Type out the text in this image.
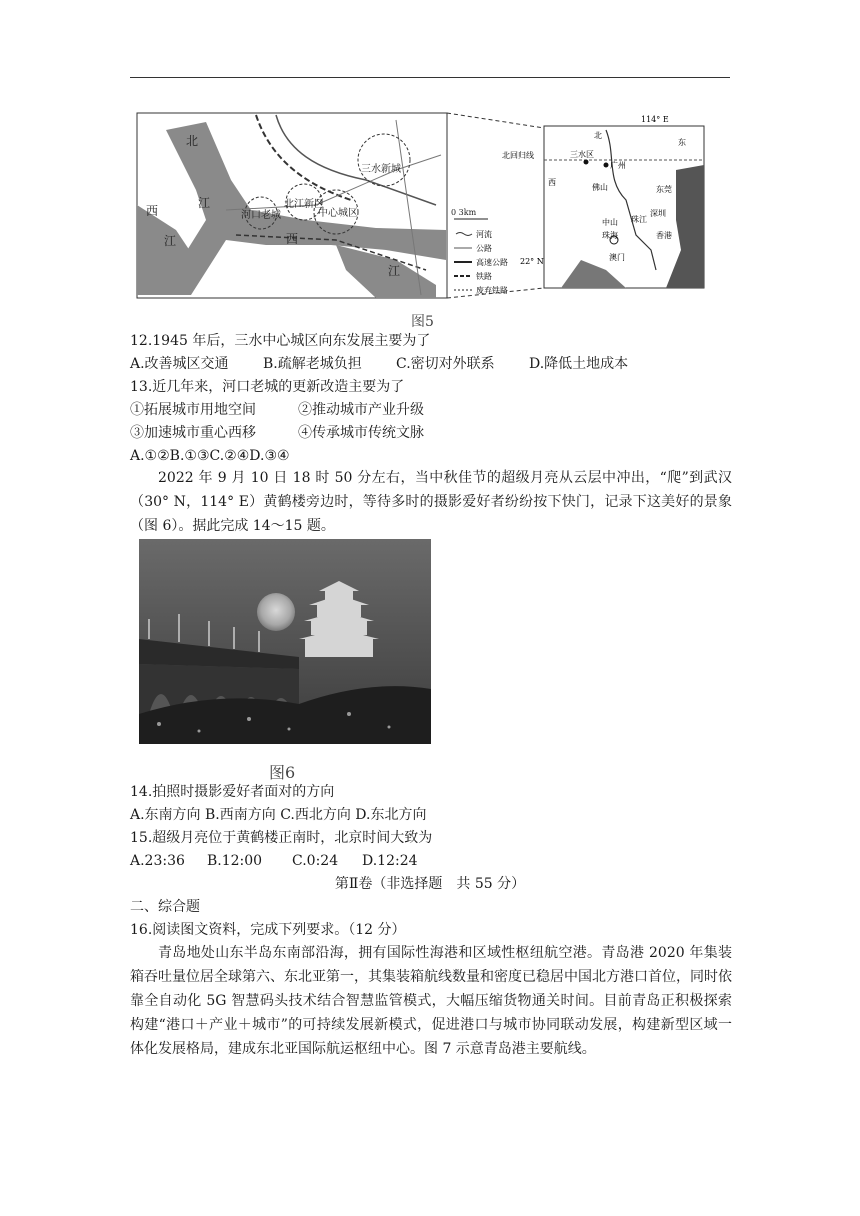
北
江
西
江	西
江
三水新城
北江新区
河口老城	中心城区	0 3km
河流
公路
高速公路
铁路
废弃铁路
114° E
22° N
北回归线	三水区
广州
佛山	东莞
深圳
中山
珠海	香港
澳门
北
东
西
珠江
图5
12.1945 年后，三水中心城区向东发展主要为了
A.改善城区交通 B.疏解老城负担 C.密切对外联系 D.降低土地成本
13.近几年来，河口老城的更新改造主要为了
①拓展城市用地空间	②推动城市产业升级
③加速城市重心西移	④传承城市传统文脉
A.①②B.①③C.②④D.③④

2022 年 9 月 10 日 18 时 50 分左右，当中秋佳节的超级月亮从云层中冲出，“爬”到武汉（30° N，114° E）黄鹤楼旁边时，等待多时的摄影爱好者纷纷按下快门，记录下这美好的景象（图 6）。据此完成 14～15 题。

图6
14.拍照时摄影爱好者面对的方向
A.东南方向 B.西南方向 C.西北方向 D.东北方向
15.超级月亮位于黄鹤楼正南时，北京时间大致为
A.23:36 B.12:00 C.0:24 D.12:24
第Ⅱ卷（非选择题　共 55 分）
二、综合题
16.阅读图文资料，完成下列要求。（12 分）

青岛地处山东半岛东南部沿海，拥有国际性海港和区域性枢纽航空港。青岛港 2020 年集装箱吞吐量位居全球第六、东北亚第一，其集装箱航线数量和密度已稳居中国北方港口首位，同时依靠全自动化 5G 智慧码头技术结合智慧监管模式，大幅压缩货物通关时间。目前青岛正积极探索构建“港口＋产业＋城市”的可持续发展新模式，促进港口与城市协同联动发展，构建新型区域一体化发展格局，建成东北亚国际航运枢纽中心。图 7 示意青岛港主要航线。
